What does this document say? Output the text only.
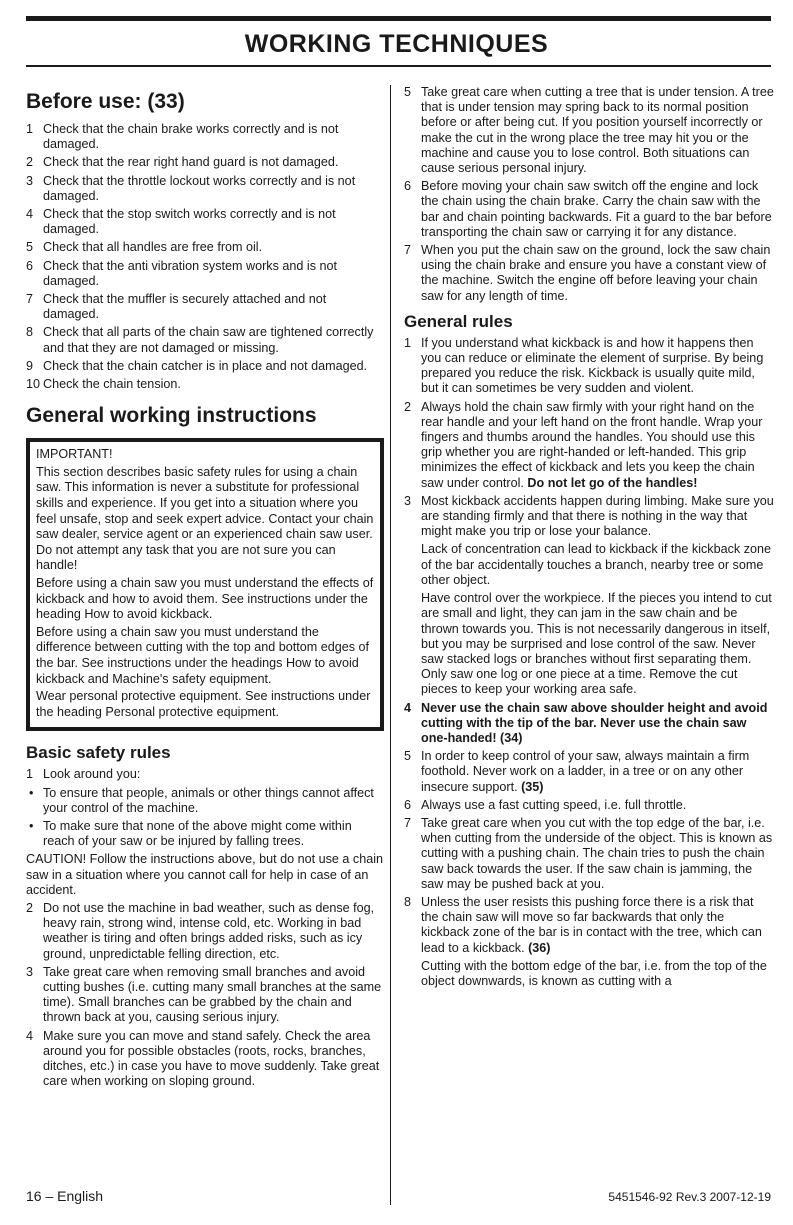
WORKING TECHNIQUES
Before use: (33)
1 Check that the chain brake works correctly and is not damaged.
2 Check that the rear right hand guard is not damaged.
3 Check that the throttle lockout works correctly and is not damaged.
4 Check that the stop switch works correctly and is not damaged.
5 Check that all handles are free from oil.
6 Check that the anti vibration system works and is not damaged.
7 Check that the muffler is securely attached and not damaged.
8 Check that all parts of the chain saw are tightened correctly and that they are not damaged or missing.
9 Check that the chain catcher is in place and not damaged.
10 Check the chain tension.
General working instructions

IMPORTANT!

This section describes basic safety rules for using a chain saw. This information is never a substitute for professional skills and experience. If you get into a situation where you feel unsafe, stop and seek expert advice. Contact your chain saw dealer, service agent or an experienced chain saw user. Do not attempt any task that you are not sure you can handle!

Before using a chain saw you must understand the effects of kickback and how to avoid them. See instructions under the heading How to avoid kickback.

Before using a chain saw you must understand the difference between cutting with the top and bottom edges of the bar. See instructions under the headings How to avoid kickback and Machine's safety equipment.

Wear personal protective equipment. See instructions under the heading Personal protective equipment.

Basic safety rules
1 Look around you:
• To ensure that people, animals or other things cannot affect your control of the machine.
• To make sure that none of the above might come within reach of your saw or be injured by falling trees.
CAUTION! Follow the instructions above, but do not use a chain saw in a situation where you cannot call for help in case of an accident.
2 Do not use the machine in bad weather, such as dense fog, heavy rain, strong wind, intense cold, etc. Working in bad weather is tiring and often brings added risks, such as icy ground, unpredictable felling direction, etc.
3 Take great care when removing small branches and avoid cutting bushes (i.e. cutting many small branches at the same time). Small branches can be grabbed by the chain and thrown back at you, causing serious injury.
4 Make sure you can move and stand safely. Check the area around you for possible obstacles (roots, rocks, branches, ditches, etc.) in case you have to move suddenly. Take great care when working on sloping ground.
5 Take great care when cutting a tree that is under tension. A tree that is under tension may spring back to its normal position before or after being cut. If you position yourself incorrectly or make the cut in the wrong place the tree may hit you or the machine and cause you to lose control. Both situations can cause serious personal injury.
6 Before moving your chain saw switch off the engine and lock the chain using the chain brake. Carry the chain saw with the bar and chain pointing backwards. Fit a guard to the bar before transporting the chain saw or carrying it for any distance.
7 When you put the chain saw on the ground, lock the saw chain using the chain brake and ensure you have a constant view of the machine. Switch the engine off before leaving your chain saw for any length of time.
General rules
1 If you understand what kickback is and how it happens then you can reduce or eliminate the element of surprise. By being prepared you reduce the risk. Kickback is usually quite mild, but it can sometimes be very sudden and violent.
2 Always hold the chain saw firmly with your right hand on the rear handle and your left hand on the front handle. Wrap your fingers and thumbs around the handles. You should use this grip whether you are right-handed or left-handed. This grip minimizes the effect of kickback and lets you keep the chain saw under control. Do not let go of the handles!
3 Most kickback accidents happen during limbing. Make sure you are standing firmly and that there is nothing in the way that might make you trip or lose your balance.
Lack of concentration can lead to kickback if the kickback zone of the bar accidentally touches a branch, nearby tree or some other object.
Have control over the workpiece. If the pieces you intend to cut are small and light, they can jam in the saw chain and be thrown towards you. This is not necessarily dangerous in itself, but you may be surprised and lose control of the saw. Never saw stacked logs or branches without first separating them. Only saw one log or one piece at a time. Remove the cut pieces to keep your working area safe.
4 Never use the chain saw above shoulder height and avoid cutting with the tip of the bar. Never use the chain saw one-handed! (34)
5 In order to keep control of your saw, always maintain a firm foothold. Never work on a ladder, in a tree or on any other insecure support. (35)
6 Always use a fast cutting speed, i.e. full throttle.
7 Take great care when you cut with the top edge of the bar, i.e. when cutting from the underside of the object. This is known as cutting with a pushing chain. The chain tries to push the chain saw back towards the user. If the saw chain is jamming, the saw may be pushed back at you.
8 Unless the user resists this pushing force there is a risk that the chain saw will move so far backwards that only the kickback zone of the bar is in contact with the tree, which can lead to a kickback. (36)
Cutting with the bottom edge of the bar, i.e. from the top of the object downwards, is known as cutting with a
16 – English	5451546-92 Rev.3 2007-12-19
